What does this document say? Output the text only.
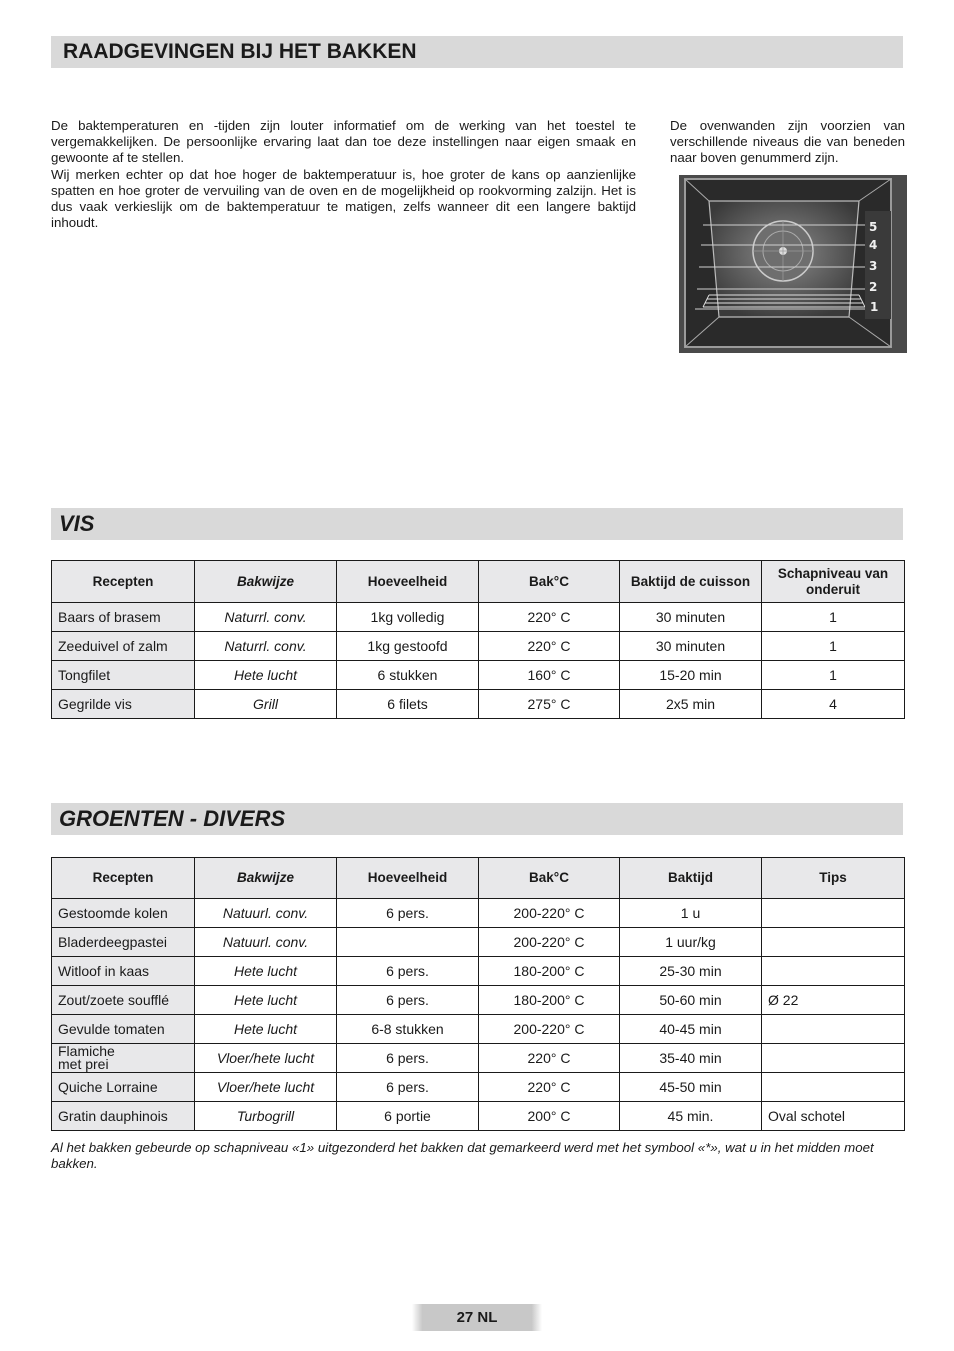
RAADGEVINGEN BIJ HET BAKKEN

De baktemperaturen en -tijden zijn louter informatief om de werking van het toestel te vergemakkelijken. De persoonlijke ervaring laat dan toe deze instellingen naar eigen smaak en gewoonte af te stellen.

Wij merken echter op dat hoe hoger de baktemperatuur is, hoe groter de kans op aanzienlijke spatten en hoe groter de vervuiling van de oven en de mogelijkheid op rookvorming zalzijn. Het is dus vaak verkieslijk om de baktemperatuur te matigen, zelfs wanneer dit een langere baktijd inhoudt.

De ovenwanden zijn voorzien van verschillende niveaus die van beneden naar boven genummerd zijn.

5
4
3
2
1
VIS
Recepten	Bakwijze	Hoeveelheid	Bak°C	Baktijd de cuisson	Schapniveau van onderuit
Baars of brasem	Naturrl. conv.	1kg volledig	220° C	30 minuten	1
Zeeduivel of zalm	Naturrl. conv.	1kg gestoofd	220° C	30 minuten	1
Tongfilet	Hete lucht	6 stukken	160° C	15-20 min	1
Gegrilde vis	Grill	6 filets	275° C	2x5 min	4
GROENTEN - DIVERS
Recepten	Bakwijze	Hoeveelheid	Bak°C	Baktijd	Tips
Gestoomde kolen	Natuurl. conv.	6 pers.	200-220° C	1 u	
Bladerdeegpastei	Natuurl. conv.		200-220° C	1 uur/kg	
Witloof in kaas	Hete lucht	6 pers.	180-200° C	25-30 min	
Zout/zoete soufflé	Hete lucht	6 pers.	180-200° C	50-60 min	Ø 22
Gevulde tomaten	Hete lucht	6-8 stukken	200-220° C	40-45 min	

Flamiche
met prei	Vloer/hete lucht	6 pers.	220° C	35-40 min	
Quiche Lorraine	Vloer/hete lucht	6 pers.	220° C	45-50 min	
Gratin dauphinois	Turbogrill	6 portie	200° C	45 min.	Oval schotel
Al het bakken gebeurde op schapniveau «1» uitgezonderd het bakken dat gemarkeerd werd met het symbool «*», wat u in het midden moet bakken.
27 NL
